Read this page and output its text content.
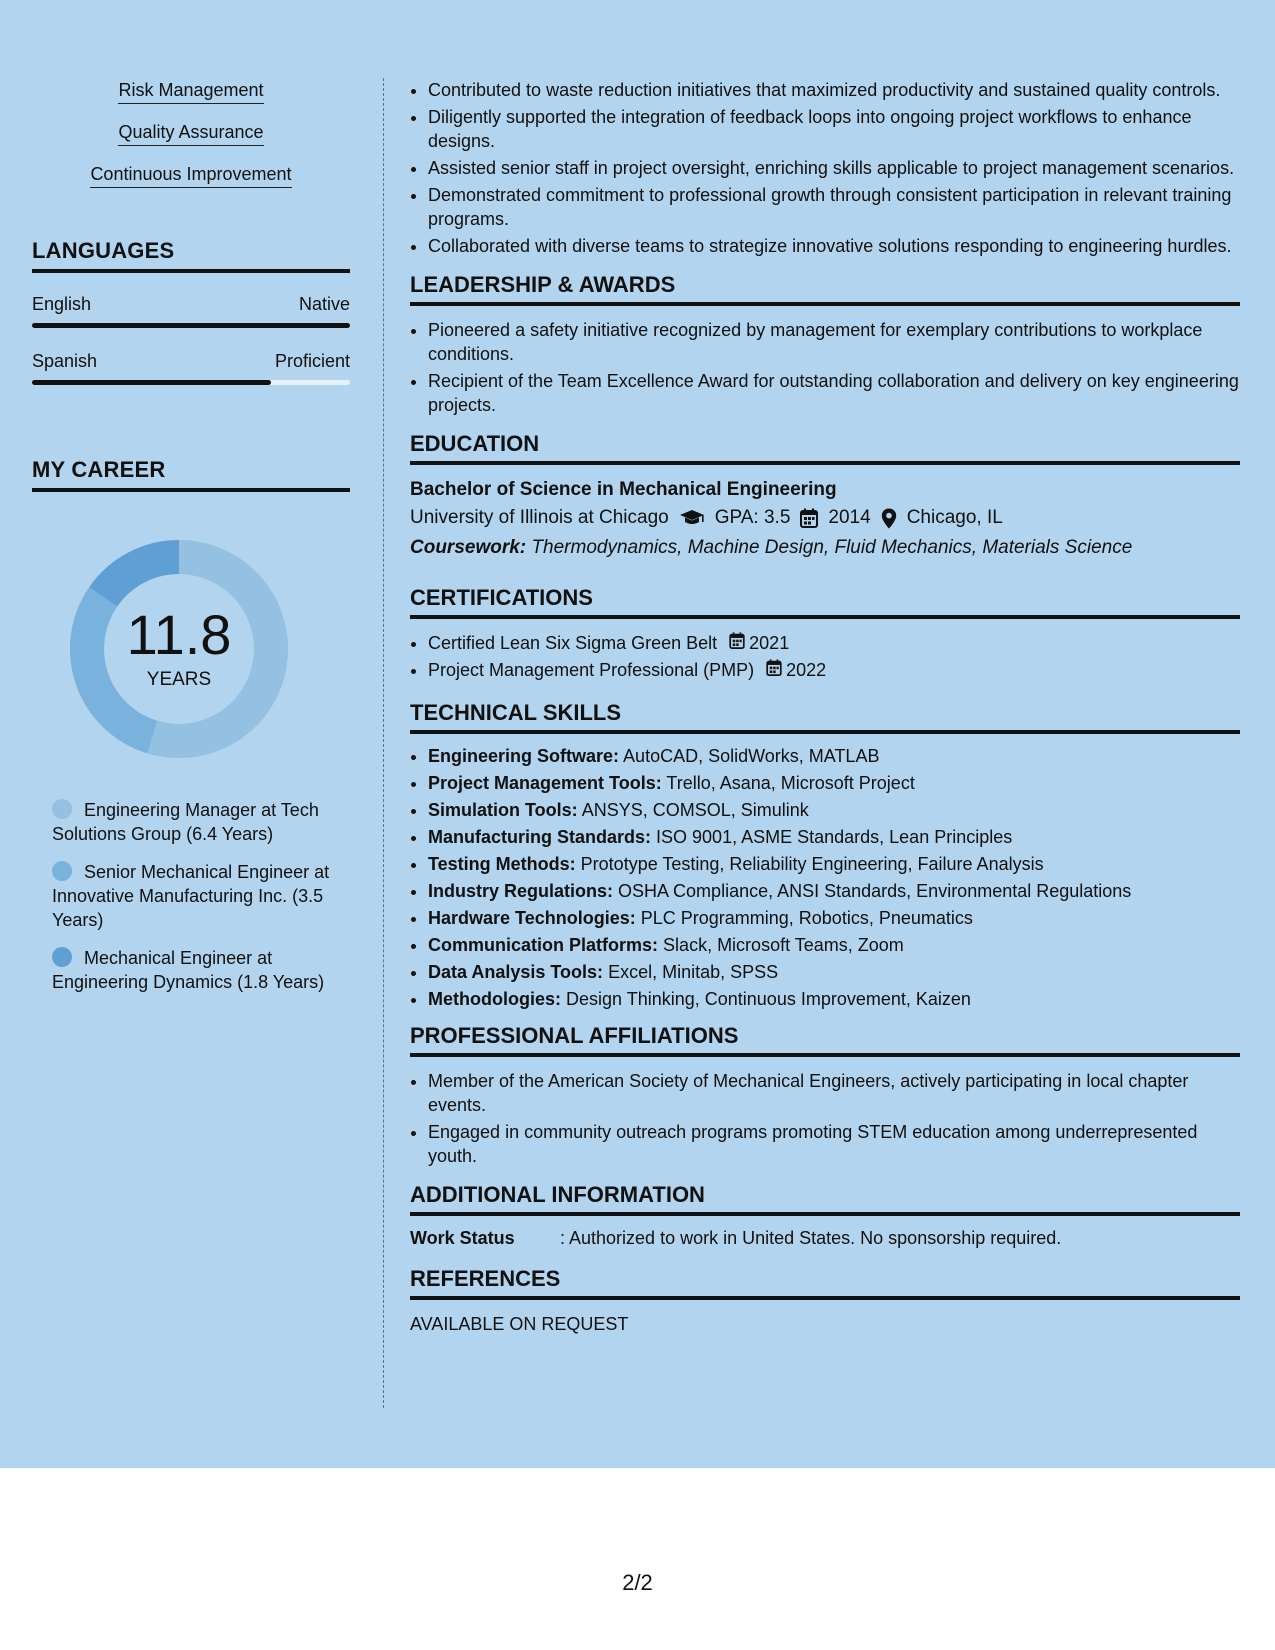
Risk Management
Quality Assurance
Continuous Improvement
LANGUAGES
English	Native
Spanish	Proficient
MY CAREER
11.8
YEARS
Engineering Manager at Tech Solutions Group (6.4 Years)
Senior Mechanical Engineer at Innovative Manufacturing Inc. (3.5 Years)
Mechanical Engineer at Engineering Dynamics (1.8 Years)
• Contributed to waste reduction initiatives that maximized productivity and sustained quality controls.
• Diligently supported the integration of feedback loops into ongoing project workflows to enhance designs.
• Assisted senior staff in project oversight, enriching skills applicable to project management scenarios.
• Demonstrated commitment to professional growth through consistent participation in relevant training programs.
• Collaborated with diverse teams to strategize innovative solutions responding to engineering hurdles.
LEADERSHIP & AWARDS
• Pioneered a safety initiative recognized by management for exemplary contributions to workplace conditions.
• Recipient of the Team Excellence Award for outstanding collaboration and delivery on key engineering projects.
EDUCATION
Bachelor of Science in Mechanical Engineering
University of Illinois at Chicago GPA: 3.5 2014 Chicago, IL
Coursework: Thermodynamics, Machine Design, Fluid Mechanics, Materials Science
CERTIFICATIONS
• Certified Lean Six Sigma Green Belt 2021
• Project Management Professional (PMP) 2022
TECHNICAL SKILLS
• Engineering Software: AutoCAD, SolidWorks, MATLAB
• Project Management Tools: Trello, Asana, Microsoft Project
• Simulation Tools: ANSYS, COMSOL, Simulink
• Manufacturing Standards: ISO 9001, ASME Standards, Lean Principles
• Testing Methods: Prototype Testing, Reliability Engineering, Failure Analysis
• Industry Regulations: OSHA Compliance, ANSI Standards, Environmental Regulations
• Hardware Technologies: PLC Programming, Robotics, Pneumatics
• Communication Platforms: Slack, Microsoft Teams, Zoom
• Data Analysis Tools: Excel, Minitab, SPSS
• Methodologies: Design Thinking, Continuous Improvement, Kaizen
PROFESSIONAL AFFILIATIONS
• Member of the American Society of Mechanical Engineers, actively participating in local chapter events.
• Engaged in community outreach programs promoting STEM education among underrepresented youth.
ADDITIONAL INFORMATION
Work Status	: Authorized to work in United States. No sponsorship required.
REFERENCES
AVAILABLE ON REQUEST
2/2
